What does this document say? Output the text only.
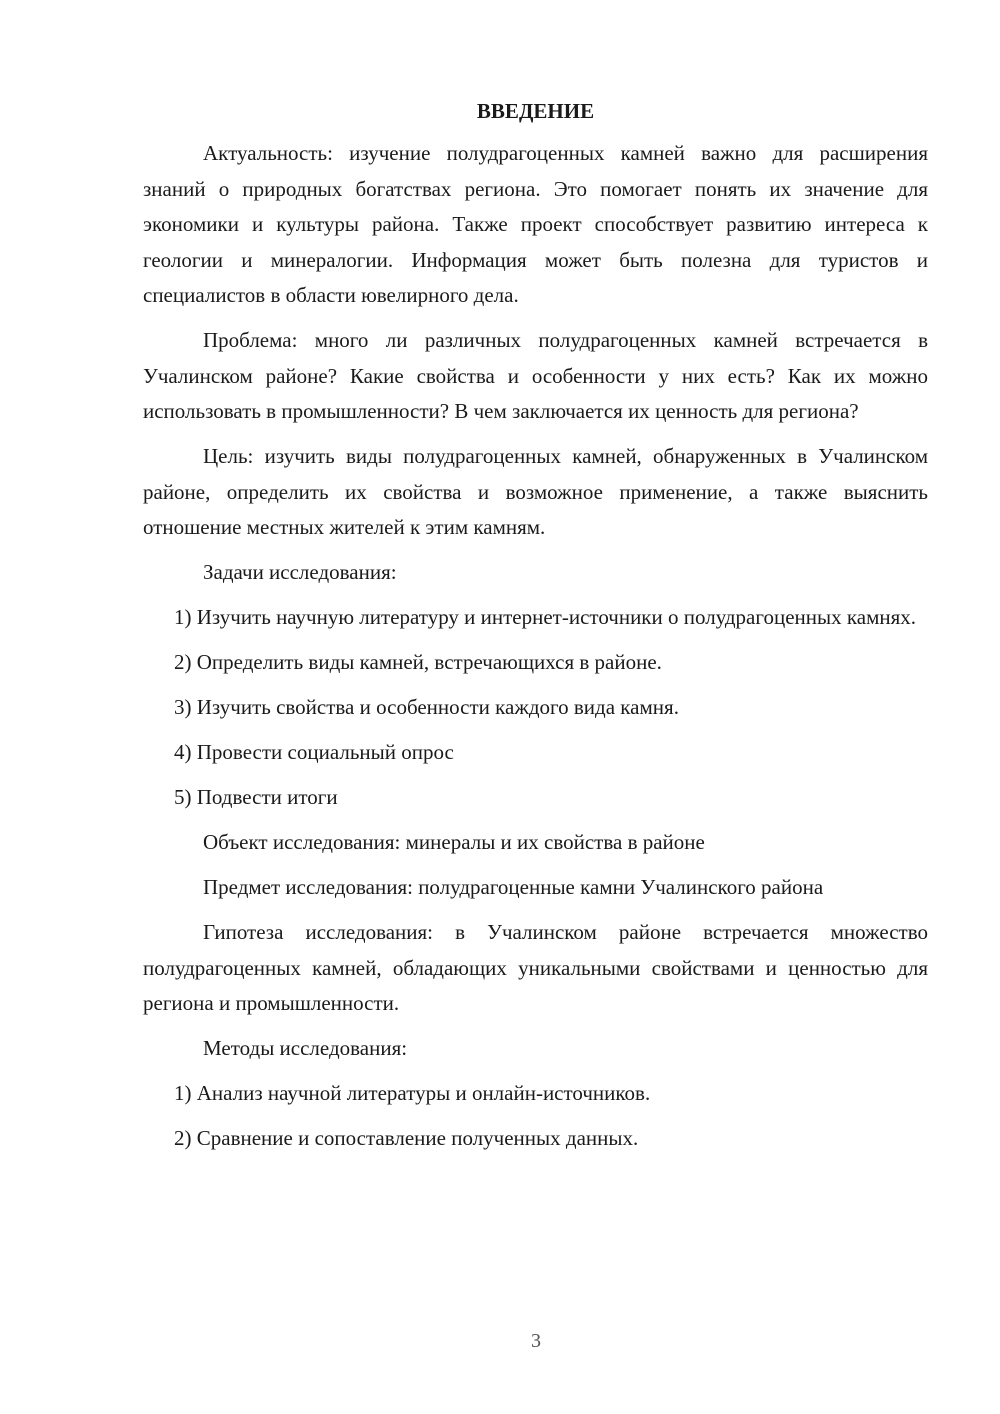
ВВЕДЕНИЕ

Актуальность: изучение полудрагоценных камней важно для расширения знаний о природных богатствах региона. Это помогает понять их значение для экономики и культуры района. Также проект способствует развитию интереса к геологии и минералогии. Информация может быть полезна для туристов и специалистов в области ювелирного дела.

Проблема: много ли различных полудрагоценных камней встречается в Учалинском районе? Какие свойства и особенности у них есть? Как их можно использовать в промышленности? В чем заключается их ценность для региона?

Цель: изучить виды полудрагоценных камней, обнаруженных в Учалинском районе, определить их свойства и возможное применение, а также выяснить отношение местных жителей к этим камням.

Задачи исследования:

1) Изучить научную литературу и интернет-источники о полудрагоценных камнях.

2) Определить виды камней, встречающихся в районе.

3) Изучить свойства и особенности каждого вида камня.

4) Провести социальный опрос

5) Подвести итоги

Объект исследования: минералы и их свойства в районе

Предмет исследования: полудрагоценные камни Учалинского района

Гипотеза исследования: в Учалинском районе встречается множество полудрагоценных камней, обладающих уникальными свойствами и ценностью для региона и промышленности.

Методы исследования:

1) Анализ научной литературы и онлайн-источников.

2) Сравнение и сопоставление полученных данных.

3
